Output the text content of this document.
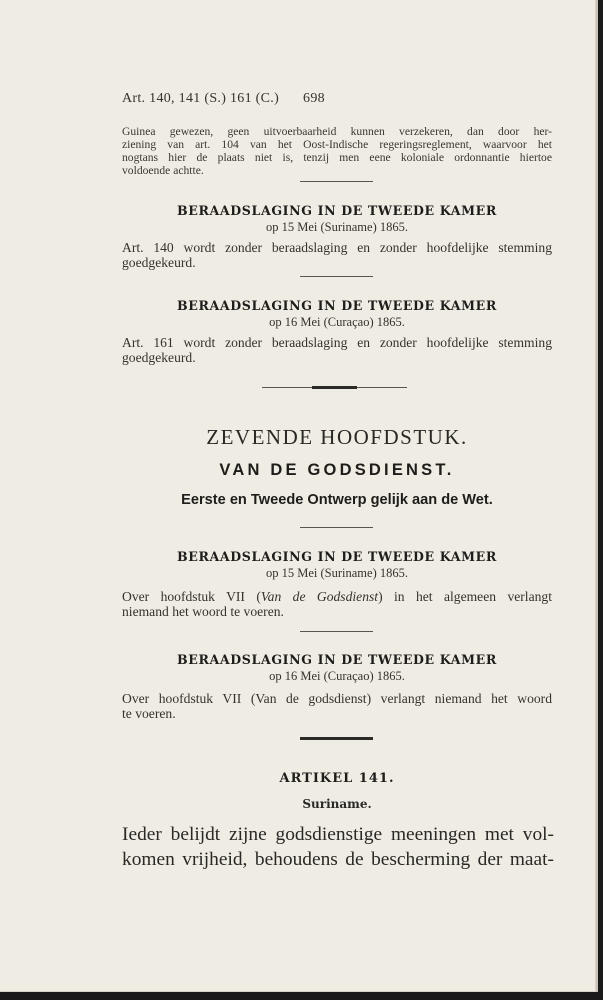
Art. 140, 141 (S.) 161 (C.) 698
Guinea gewezen, geen uitvoerbaarheid kunnen verzekeren, dan door her-
ziening van art. 104 van het Oost-Indische regeringsreglement, waarvoor het
nogtans hier de plaats niet is, tenzij men eene koloniale ordonnantie hiertoe
voldoende achtte.
BERAADSLAGING IN DE TWEEDE KAMER
op 15 Mei (Suriname) 1865.
Art. 140 wordt zonder beraadslaging en zonder hoofdelijke stemming
goedgekeurd.
BERAADSLAGING IN DE TWEEDE KAMER
op 16 Mei (Curaçao) 1865.
Art. 161 wordt zonder beraadslaging en zonder hoofdelijke stemming
goedgekeurd.
ZEVENDE HOOFDSTUK.
VAN DE GODSDIENST.
Eerste en Tweede Ontwerp gelijk aan de Wet.
BERAADSLAGING IN DE TWEEDE KAMER
op 15 Mei (Suriname) 1865.
Over hoofdstuk VII (Van de Godsdienst) in het algemeen verlangt
niemand het woord te voeren.
BERAADSLAGING IN DE TWEEDE KAMER
op 16 Mei (Curaçao) 1865.
Over hoofdstuk VII (Van de godsdienst) verlangt niemand het woord
te voeren.
ARTIKEL 141.
Suriname.
Ieder belijdt zijne godsdienstige meeningen met vol-
komen vrijheid, behoudens de bescherming der maat-
